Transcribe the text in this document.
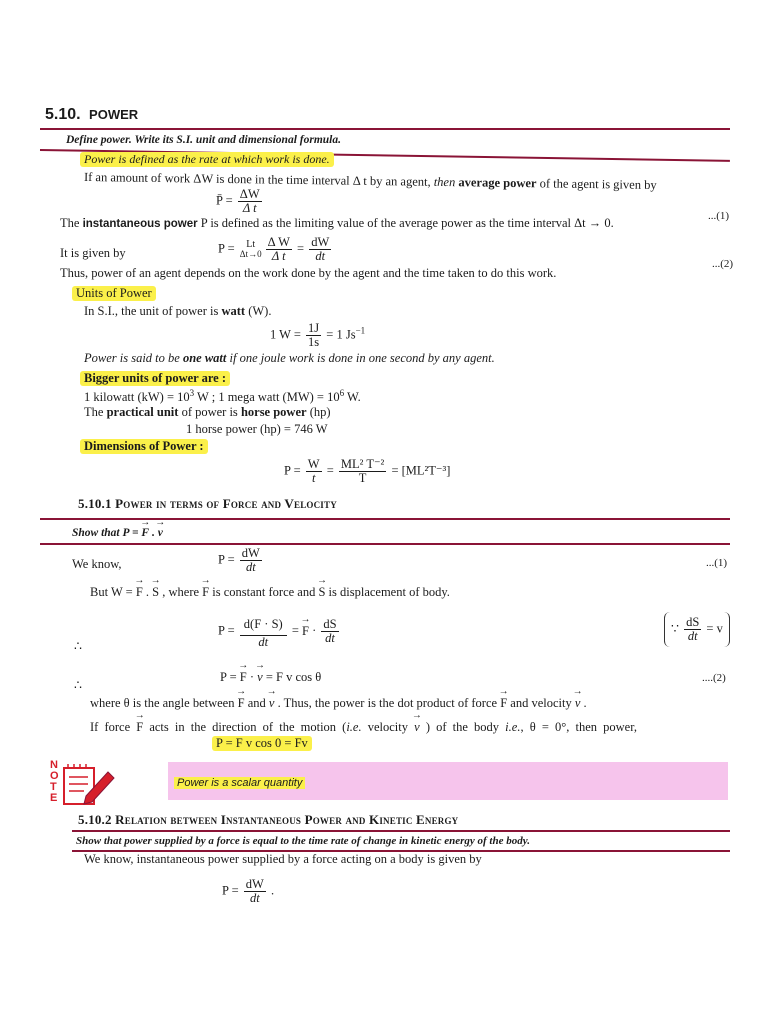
5.10. POWER
Define power. Write its S.I. unit and dimensional formula.
Power is defined as the rate at which work is done.
If an amount of work ΔW is done in the time interval Δ t by an agent, then average power of the agent is given by
P̄ = $\frac{\Delta W}{\text{Δ t}}$
The instantaneous power P is defined as the limiting value of the average power as the time interval Δt → 0.	...(1)
It is given by	P = Lt
$\Delta t\to 0 \frac{\text{Δ W}}{\text{Δ t}} = \frac{dW}{dt}$
...(2)
Thus, power of an agent depends on the work done by the agent and the time taken to do this work.
Units of Power
In S.I., the unit of power is watt (W).
1 $W = \frac{1J}{1s} = 1$ $Js^{-1}$
Power is said to be one watt if one joule work is done in one second by any agent.
Bigger units of power are :
1 kilowatt $(kW) = 10^3$ W ; 1 mega watt $(MW) = 10^6$ W.
The practical unit of power is horse power (hp)
1 horse power (hp) = 746 W
Dimensions of Power :
$P = \frac{W}{t} = \frac{\text{ML² T⁻²}}{T} = [ML^2T^{-3}]$
5.10.1 Power in terms of Force and Velocity
Show that P = → F . → v
We know,	$P = \frac{dW}{dt}$	...(1)
But W = → F . → S , where → F is constant force and → S is displacement of body.
∴
$P = \frac{d(F \cdot S)}{dt}$ = → $F \cdot \frac{dS}{dt}$	∵ $\frac{dS}{dt} = v$
∴
P = → F · → v = F v cos θ	....(2)
where θ is the angle between → F and → v . Thus, the power is the dot product of force → F and velocity → v .
If force → F acts in the direction of the motion (i.e. velocity → v ) of the body i.e., θ = 0°, then power,
P = F v cos 0 = Fv
N
O
T
E
Power is a scalar quantity
5.10.2 Relation between Instantaneous Power and Kinetic Energy
Show that power supplied by a force is equal to the time rate of change in kinetic energy of the body.
We know, instantaneous power supplied by a force acting on a body is given by
$P = \frac{dW}{dt}$ .
